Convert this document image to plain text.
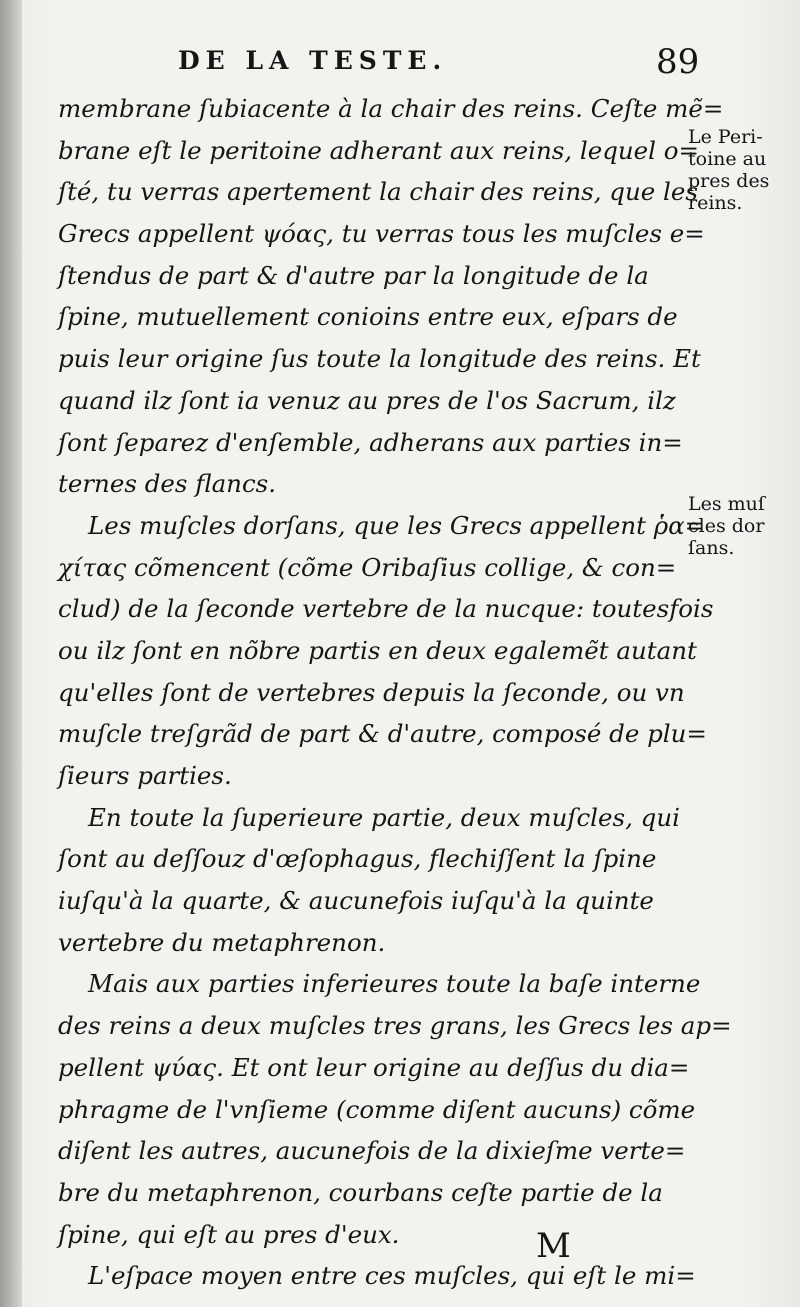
DE LA TESTE.	89
membrane ſubiacente à la chair des reins. Ceſte mẽ=
brane eſt le peritoine adherant aux reins, lequel o=
ſté, tu verras apertement la chair des reins, que les
Grecs appellent ψόας, tu verras tous les muſcles e=
ſtendus de part & d'autre par la longitude de la
ſpine, mutuellement conioins entre eux, eſpars de
puis leur origine ſus toute la longitude des reins. Et
quand ilz ſont ia venuz au pres de l'os Sacrum, ilz
ſont ſeparez d'enſemble, adherans aux parties in=
ternes des flancs.
Les muſcles dorſans, que les Grecs appellent ῥα=
χίτας cõmencent (cõme Oribaſius collige, & con=
clud) de la ſeconde vertebre de la nucque: toutesfois
ou ilz ſont en nõbre partis en deux egalemẽt autant
qu'elles ſont de vertebres depuis la ſeconde, ou vn
muſcle treſgrãd de part & d'autre, composé de plu=
ſieurs parties.
En toute la ſuperieure partie, deux muſcles, qui
ſont au deſſouz d'œſophagus, flechiſſent la ſpine
iuſqu'à la quarte, & aucunefois iuſqu'à la quinte
vertebre du metaphrenon.
Mais aux parties inferieures toute la baſe interne
des reins a deux muſcles tres grans, les Grecs les ap=
pellent ψύας. Et ont leur origine au deſſus du dia=
phragme de l'vnſieme (comme diſent aucuns) cõme
diſent les autres, aucunefois de la dixieſme verte=
bre du metaphrenon, courbans ceſte partie de la
ſpine, qui eſt au pres d'eux.
L'eſpace moyen entre ces muſcles, qui eſt le mi=
Le Peri-
toine au
pres des
reins.
Les muſ
cles dor
ſans.
M
